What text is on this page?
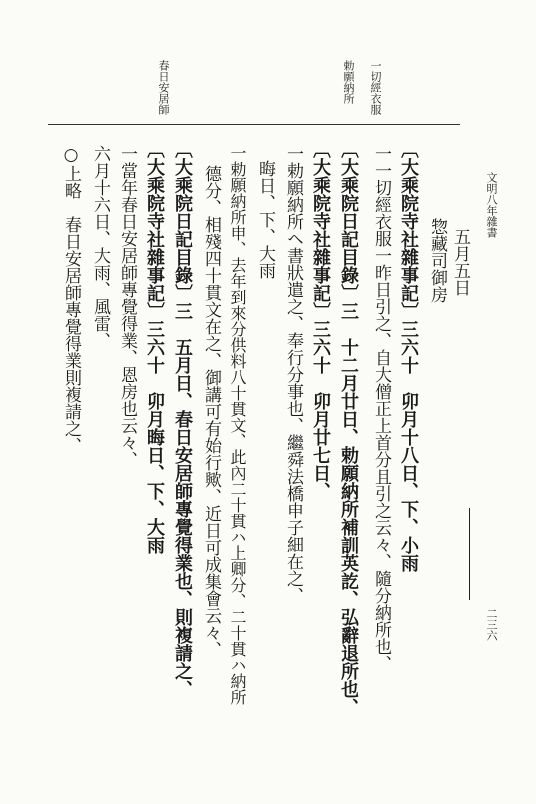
文明八年雜書
二三六
一切經衣服
勅願納所
春日安居師
五月五日
惣藏司御房
〔大乘院寺社雜事記〕三六十　卯月十八日、下、小雨
一一切經衣服一昨日引之、自大僧正上首分且引之云々、隨分納所也、
〔大乘院日記目錄〕三　十二月廿日、勅願納所補訓英訖、弘辭退所也、
〔大乘院寺社雜事記〕三六十　卯月廿七日、
一勅願納所ヘ書狀遣之、奉行分事也、繼舜法橋申子細在之、
晦日、下、大雨
一勅願納所申、去年到來分供料八十貫文、此內二十貫ハ上卿分、二十貫ハ納所
德分、相殘四十貫文在之、御講可有始行歟、近日可成集會云々、
〔大乘院日記目錄〕三　五月日、春日安居師專覺得業也、則複請之、
〔大乘院寺社雜事記〕三六十　卯月晦日、下、大雨
一當年春日安居師專覺得業、恩房也云々、
六月十六日、大雨、風雷、
○上略　春日安居師專覺得業則複請之、
